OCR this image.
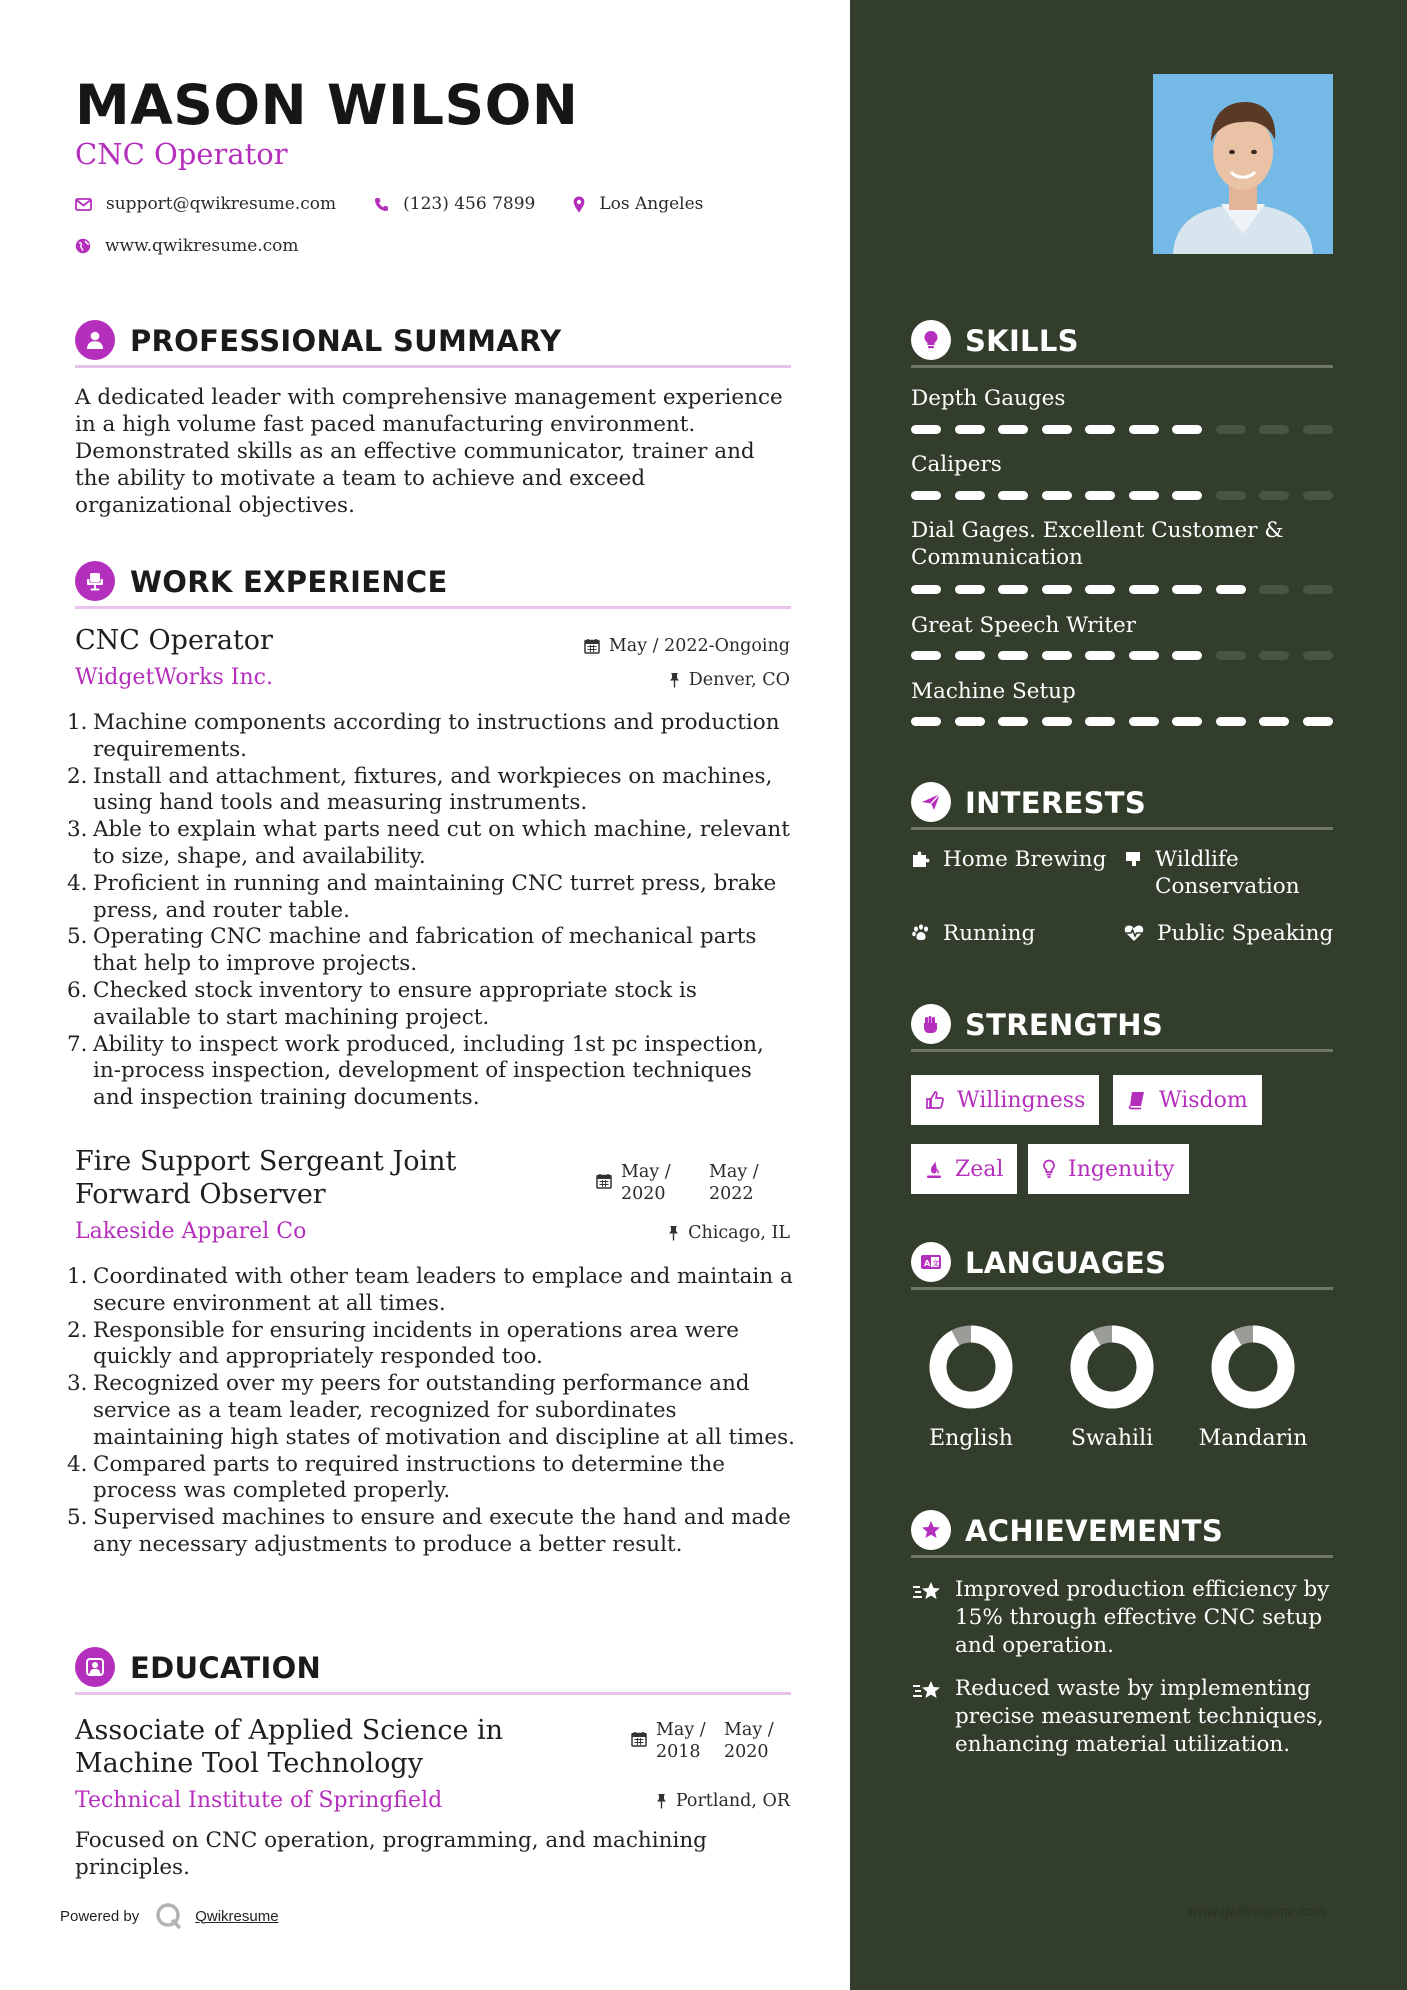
MASON WILSON
CNC Operator
support@qwikresume.com	(123) 456 7899	Los Angeles
www.qwikresume.com
PROFESSIONAL SUMMARY

A dedicated leader with comprehensive management experience in a high volume fast paced manufacturing environment. Demonstrated skills as an effective communicator, trainer and the ability to motivate a team to achieve and exceed organizational objectives.

WORK EXPERIENCE
CNC Operator	May / 2022-Ongoing
WidgetWorks Inc.	Denver, CO
1. Machine components according to instructions and production requirements.
2. Install and attachment, fixtures, and workpieces on machines, using hand tools and measuring instruments.
3. Able to explain what parts need cut on which machine, relevant to size, shape, and availability.
4. Proficient in running and maintaining CNC turret press, brake press, and router table.
5. Operating CNC machine and fabrication of mechanical parts that help to improve projects.
6. Checked stock inventory to ensure appropriate stock is available to start machining project.
7. Ability to inspect work produced, including 1st pc inspection, in-process inspection, development of inspection techniques and inspection training documents.
Fire Support Sergeant Joint Forward Observer
May / 2020
May / 2022
Lakeside Apparel Co	Chicago, IL
1. Coordinated with other team leaders to emplace and maintain a secure environment at all times.
2. Responsible for ensuring incidents in operations area were quickly and appropriately responded too.
3. Recognized over my peers for outstanding performance and service as a team leader, recognized for subordinates maintaining high states of motivation and discipline at all times.
4. Compared parts to required instructions to determine the process was completed properly.
5. Supervised machines to ensure and execute the hand and made any necessary adjustments to produce a better result.
EDUCATION
Associate of Applied Science in Machine Tool Technology
May / 2018
May / 2020
Technical Institute of Springfield	Portland, OR

Focused on CNC operation, programming, and machining principles.

Powered by	Qwikresume
SKILLS
Depth Gauges
Calipers
Dial Gages. Excellent Customer & Communication
Great Speech Writer
Machine Setup
INTERESTS
Home Brewing Wildlife Conservation
Running	Public Speaking
STRENGTHS
Willingness	Wisdom
Zeal	Ingenuity
A 文 LANGUAGES
English	Swahili	Mandarin
ACHIEVEMENTS
Improved production efficiency by 15% through effective CNC setup and operation.
Reduced waste by implementing precise measurement techniques, enhancing material utilization.
www.qwikresume.com
